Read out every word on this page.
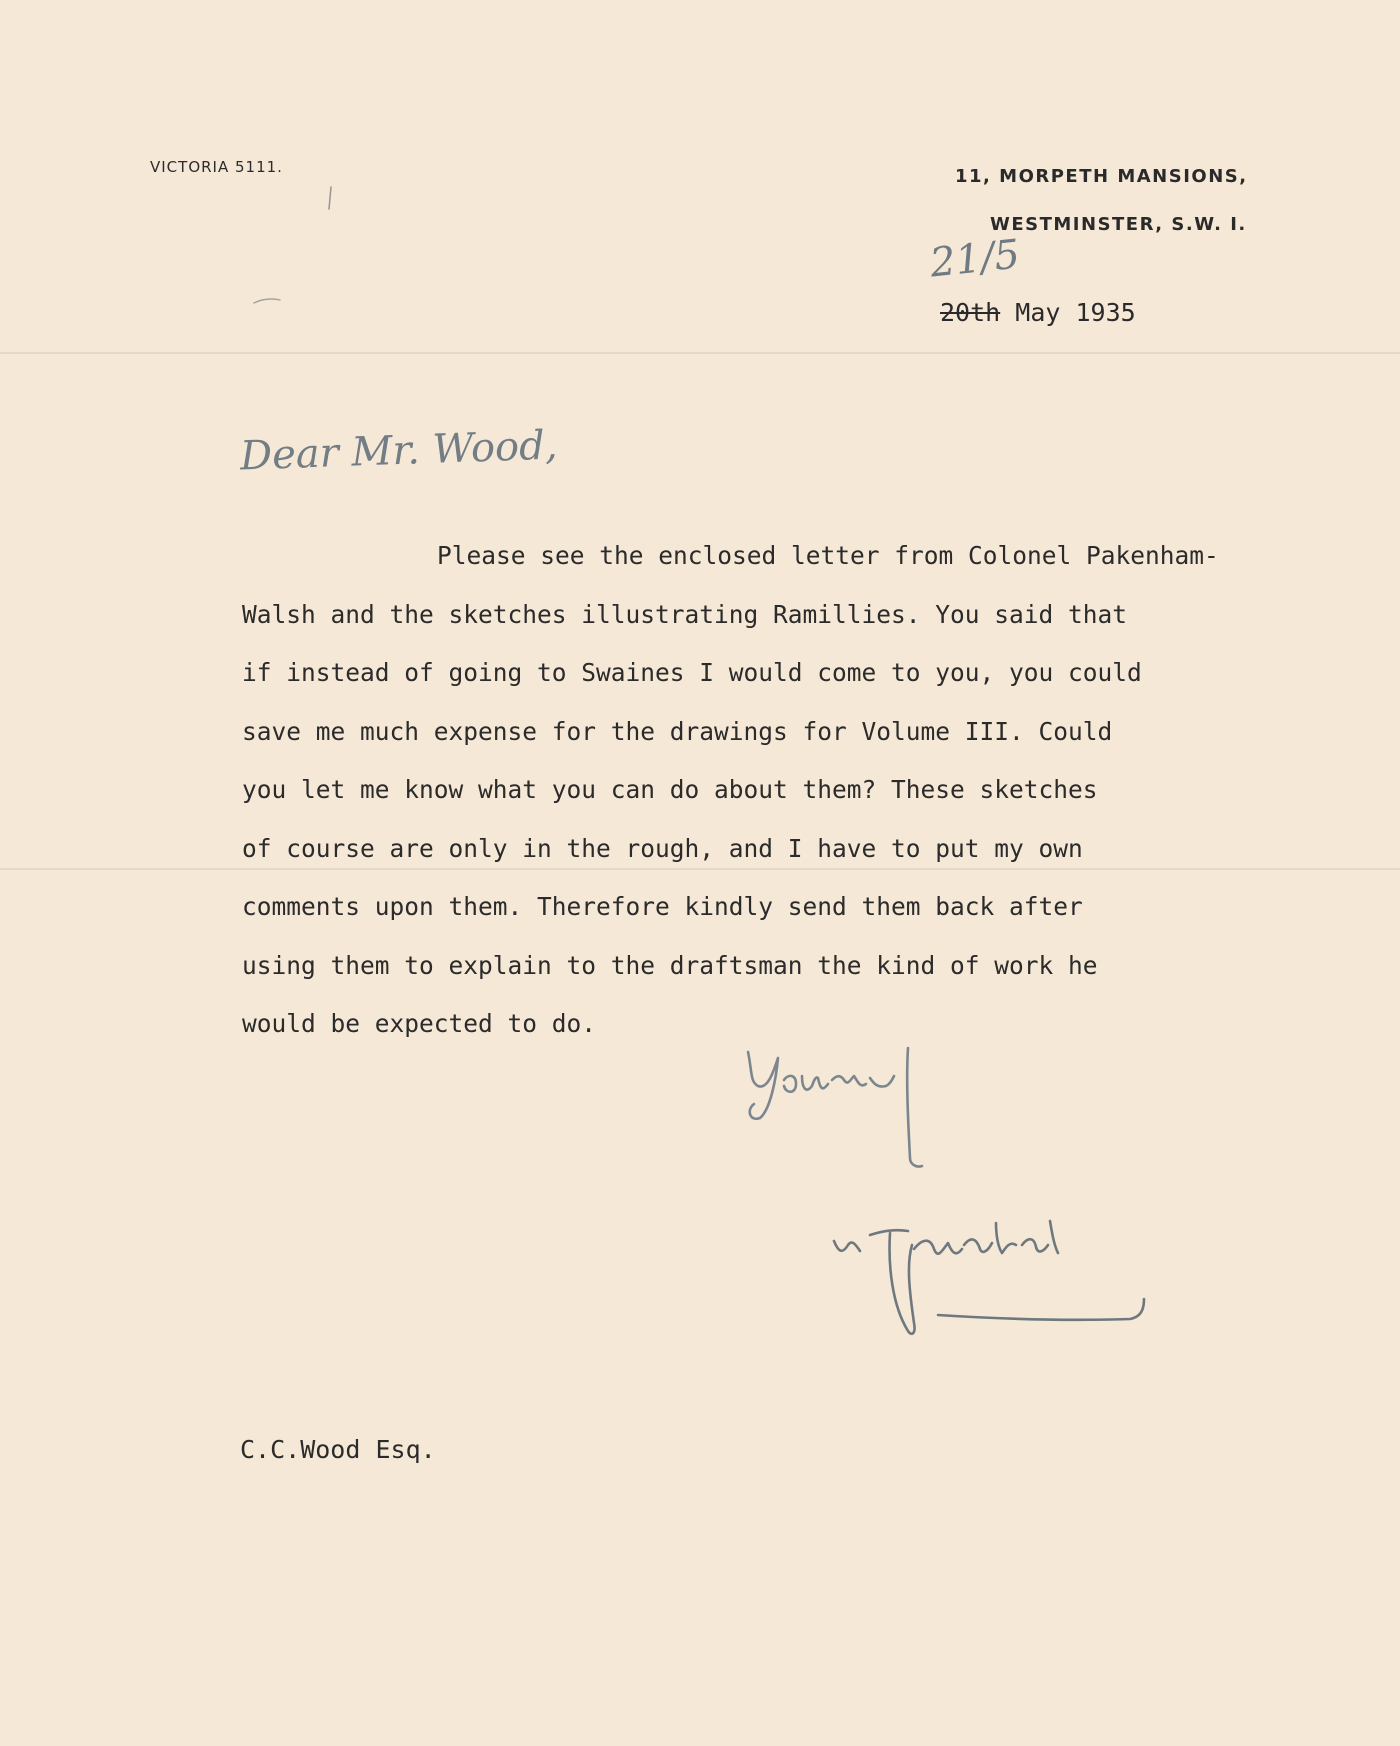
VICTORIA 5111.	11, MORPETH MANSIONS,
WESTMINSTER, S.W. I.
21/5
20th May 1935
Dear Mr. Wood,
Please see the enclosed letter from Colonel Pakenham-
Walsh and the sketches illustrating Ramillies. You said that
if instead of going to Swaines I would come to you, you could
save me much expense for the drawings for Volume III. Could
you let me know what you can do about them? These sketches
of course are only in the rough, and I have to put my own
comments upon them. Therefore kindly send them back after
using them to explain to the draftsman the kind of work he
would be expected to do.
C.C.Wood Esq.
